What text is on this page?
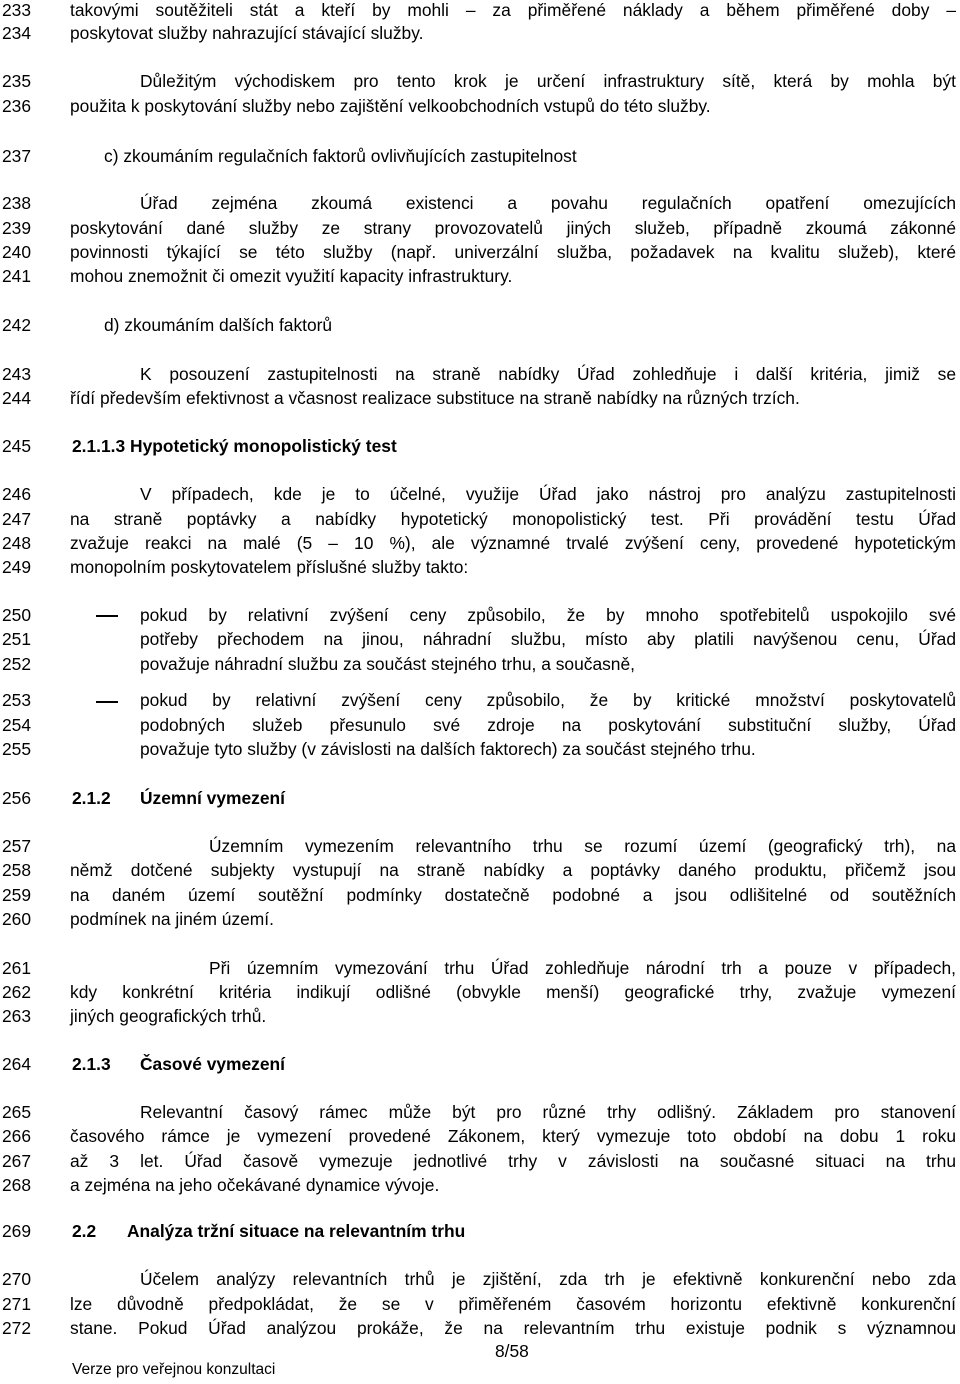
233
234
235
236
237
238
239
240
241
242
243
244
245
246
247
248
249
250
251
252
253
254
255
256
257
258
259
260
261
262
263
264
265
266
267
268
269
270
271
272
takovými soutěžiteli stát a kteří by mohli – za přiměřené náklady a během přiměřené doby –
poskytovat služby nahrazující stávající služby.
Důležitým východiskem pro tento krok je určení infrastruktury sítě, která by mohla být
použita k poskytování služby nebo zajištění velkoobchodních vstupů do této služby.
c) zkoumáním regulačních faktorů ovlivňujících zastupitelnost
Úřad zejména zkoumá existenci a povahu regulačních opatření omezujících
poskytování dané služby ze strany provozovatelů jiných služeb, případně zkoumá zákonné
povinnosti týkající se této služby (např. univerzální služba, požadavek na kvalitu služeb), které
mohou znemožnit či omezit využití kapacity infrastruktury.
d) zkoumáním dalších faktorů
K posouzení zastupitelnosti na straně nabídky Úřad zohledňuje i další kritéria, jimiž se
řídí především efektivnost a včasnost realizace substituce na straně nabídky na různých trzích.
2.1.1.3 Hypotetický monopolistický test
V případech, kde je to účelné, využije Úřad jako nástroj pro analýzu zastupitelnosti
na straně poptávky a nabídky hypotetický monopolistický test. Při provádění testu Úřad
zvažuje reakci na malé (5 – 10 %), ale významné trvalé zvýšení ceny, provedené hypotetickým
monopolním poskytovatelem příslušné služby takto:
pokud by relativní zvýšení ceny způsobilo, že by mnoho spotřebitelů uspokojilo své
potřeby přechodem na jinou, náhradní službu, místo aby platili navýšenou cenu, Úřad
považuje náhradní službu za součást stejného trhu, a současně,
pokud by relativní zvýšení ceny způsobilo, že by kritické množství poskytovatelů
podobných služeb přesunulo své zdroje na poskytování substituční služby, Úřad
považuje tyto služby (v závislosti na dalších faktorech) za součást stejného trhu.
2.1.2 Územní vymezení
Územním vymezením relevantního trhu se rozumí území (geografický trh), na
němž dotčené subjekty vystupují na straně nabídky a poptávky daného produktu, přičemž jsou
na daném území soutěžní podmínky dostatečně podobné a jsou odlišitelné od soutěžních
podmínek na jiném území.
Při územním vymezování trhu Úřad zohledňuje národní trh a pouze v případech,
kdy konkrétní kritéria indikují odlišné (obvykle menší) geografické trhy, zvažuje vymezení
jiných geografických trhů.
2.1.3 Časové vymezení
Relevantní časový rámec může být pro různé trhy odlišný. Základem pro stanovení
časového rámce je vymezení provedené Zákonem, který vymezuje toto období na dobu 1 roku
až 3 let. Úřad časově vymezuje jednotlivé trhy v závislosti na současné situaci na trhu
a zejména na jeho očekávané dynamice vývoje.
2.2 Analýza tržní situace na relevantním trhu
Účelem analýzy relevantních trhů je zjištění, zda trh je efektivně konkurenční nebo zda
lze důvodně předpokládat, že se v přiměřeném časovém horizontu efektivně konkurenční
stane. Pokud Úřad analýzou prokáže, že na relevantním trhu existuje podnik s významnou
8/58
Verze pro veřejnou konzultaci
